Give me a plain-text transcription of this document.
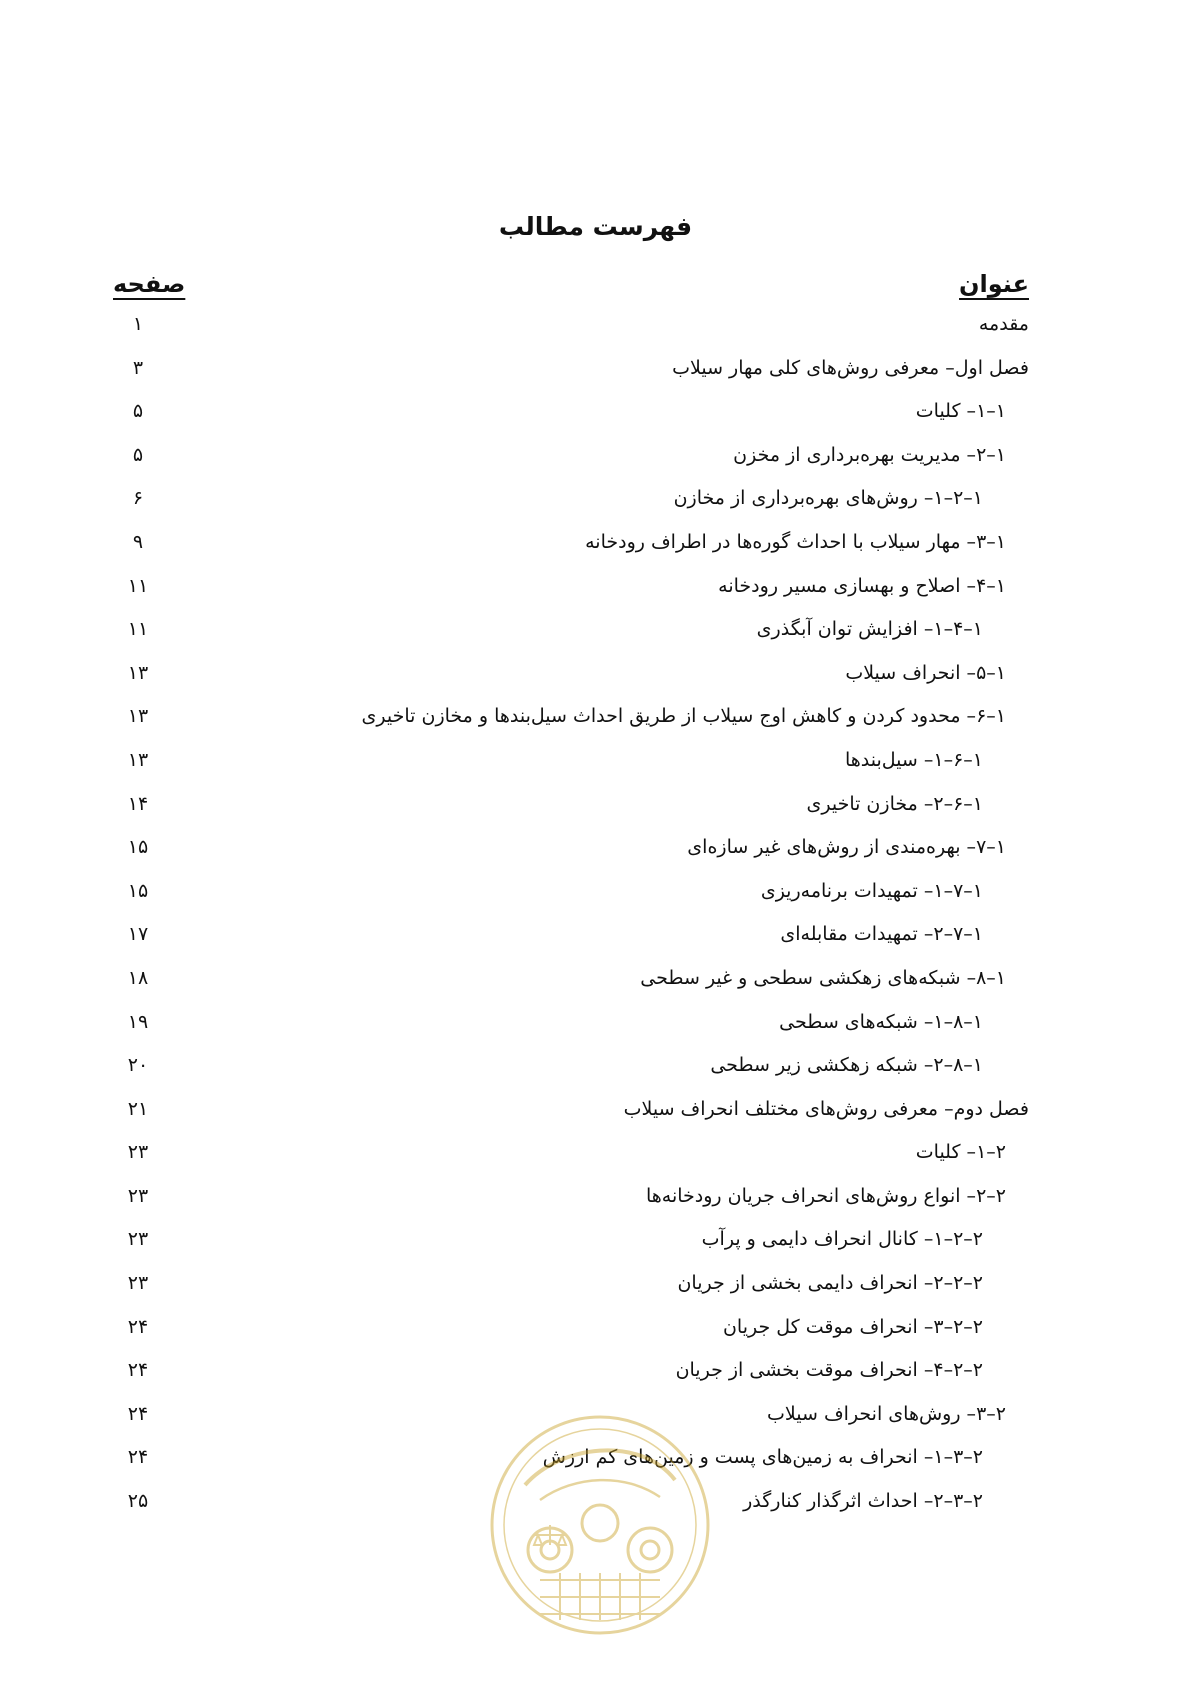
فهرست مطالب
عنوان
صفحه
مقدمه
۱
فصل اول– معرفی روش‌های کلی مهار سیلاب
۳
۱–۱– کلیات
۵
۱–۲– مدیریت بهره‌برداری از مخزن
۵
۱–۲–۱– روش‌های بهره‌برداری از مخازن
۶
۱–۳– مهار سیلاب با احداث گوره‌ها در اطراف رودخانه
۹
۱–۴– اصلاح و بهسازی مسیر رودخانه
۱۱
۱–۴–۱– افزایش توان آبگذری
۱۱
۱–۵– انحراف سیلاب
۱۳
۱–۶– محدود کردن و کاهش اوج سیلاب از طریق احداث سیل‌بندها و مخازن تاخیری
۱۳
۱–۶–۱– سیل‌بندها
۱۳
۱–۶–۲– مخازن تاخیری
۱۴
۱–۷– بهره‌مندی از روش‌های غیر سازه‌ای
۱۵
۱–۷–۱– تمهیدات برنامه‌ریزی
۱۵
۱–۷–۲– تمهیدات مقابله‌ای
۱۷
۱–۸– شبکه‌های زهکشی سطحی و غیر سطحی
۱۸
۱–۸–۱– شبکه‌های سطحی
۱۹
۱–۸–۲– شبکه زهکشی زیر سطحی
۲۰
فصل دوم– معرفی روش‌های مختلف انحراف سیلاب
۲۱
۲–۱– کلیات
۲۳
۲–۲– انواع روش‌های انحراف جریان رودخانه‌ها
۲۳
۲–۲–۱– کانال انحراف دایمی و پرآب
۲۳
۲–۲–۲– انحراف دایمی بخشی از جریان
۲۳
۲–۲–۳– انحراف موقت کل جریان
۲۴
۲–۲–۴– انحراف موقت بخشی از جریان
۲۴
۲–۳– روش‌های انحراف سیلاب
۲۴
۲–۳–۱– انحراف به زمین‌های پست و زمین‌های کم ارزش
۲۴
۲–۳–۲– احداث اثرگذار کنارگذر
۲۵
